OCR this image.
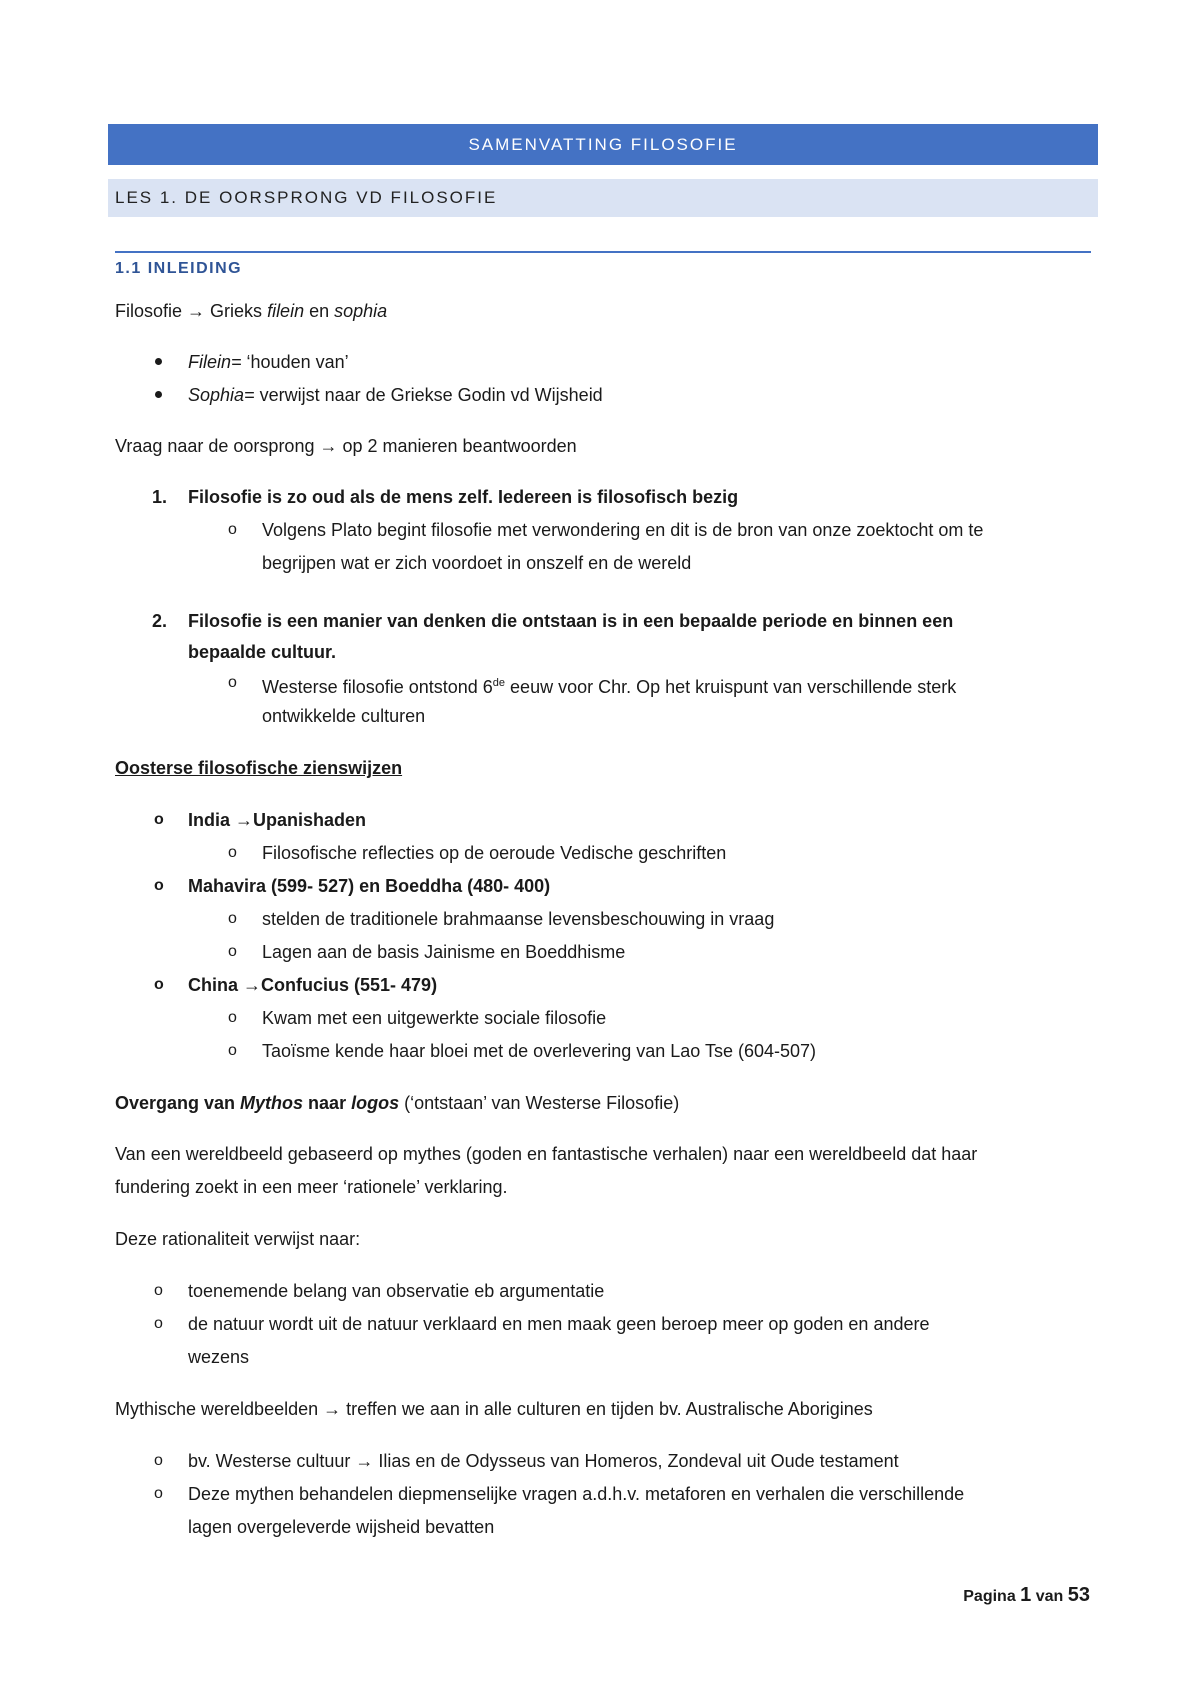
SAMENVATTING FILOSOFIE
LES 1. DE OORSPRONG VD FILOSOFIE
1.1 INLEIDING
Filosofie → Grieks filein en sophia
Filein= ‘houden van’
Sophia= verwijst naar de Griekse Godin vd Wijsheid
Vraag naar de oorsprong → op 2 manieren beantwoorden
1. Filosofie is zo oud als de mens zelf. Iedereen is filosofisch bezig
o Volgens Plato begint filosofie met verwondering en dit is de bron van onze zoektocht om te
begrijpen wat er zich voordoet in onszelf en de wereld
2. Filosofie is een manier van denken die ontstaan is in een bepaalde periode en binnen een
bepaalde cultuur.
o Westerse filosofie ontstond 6de eeuw voor Chr. Op het kruispunt van verschillende sterk
ontwikkelde culturen
Oosterse filosofische zienswijzen
o India →Upanishaden
o Filosofische reflecties op de oeroude Vedische geschriften
o Mahavira (599- 527) en Boeddha (480- 400)
o stelden de traditionele brahmaanse levensbeschouwing in vraag
o Lagen aan de basis Jainisme en Boeddhisme
o China →Confucius (551- 479)
o Kwam met een uitgewerkte sociale filosofie
o Taoïsme kende haar bloei met de overlevering van Lao Tse (604-507)
Overgang van Mythos naar logos (‘ontstaan’ van Westerse Filosofie)
Van een wereldbeeld gebaseerd op mythes (goden en fantastische verhalen) naar een wereldbeeld dat haar
fundering zoekt in een meer ‘rationele’ verklaring.
Deze rationaliteit verwijst naar:
o toenemende belang van observatie eb argumentatie
o de natuur wordt uit de natuur verklaard en men maak geen beroep meer op goden en andere
wezens
Mythische wereldbeelden → treffen we aan in alle culturen en tijden bv. Australische Aborigines
o bv. Westerse cultuur → Ilias en de Odysseus van Homeros, Zondeval uit Oude testament
o Deze mythen behandelen diepmenselijke vragen a.d.h.v. metaforen en verhalen die verschillende
lagen overgeleverde wijsheid bevatten
Pagina 1 van 53
